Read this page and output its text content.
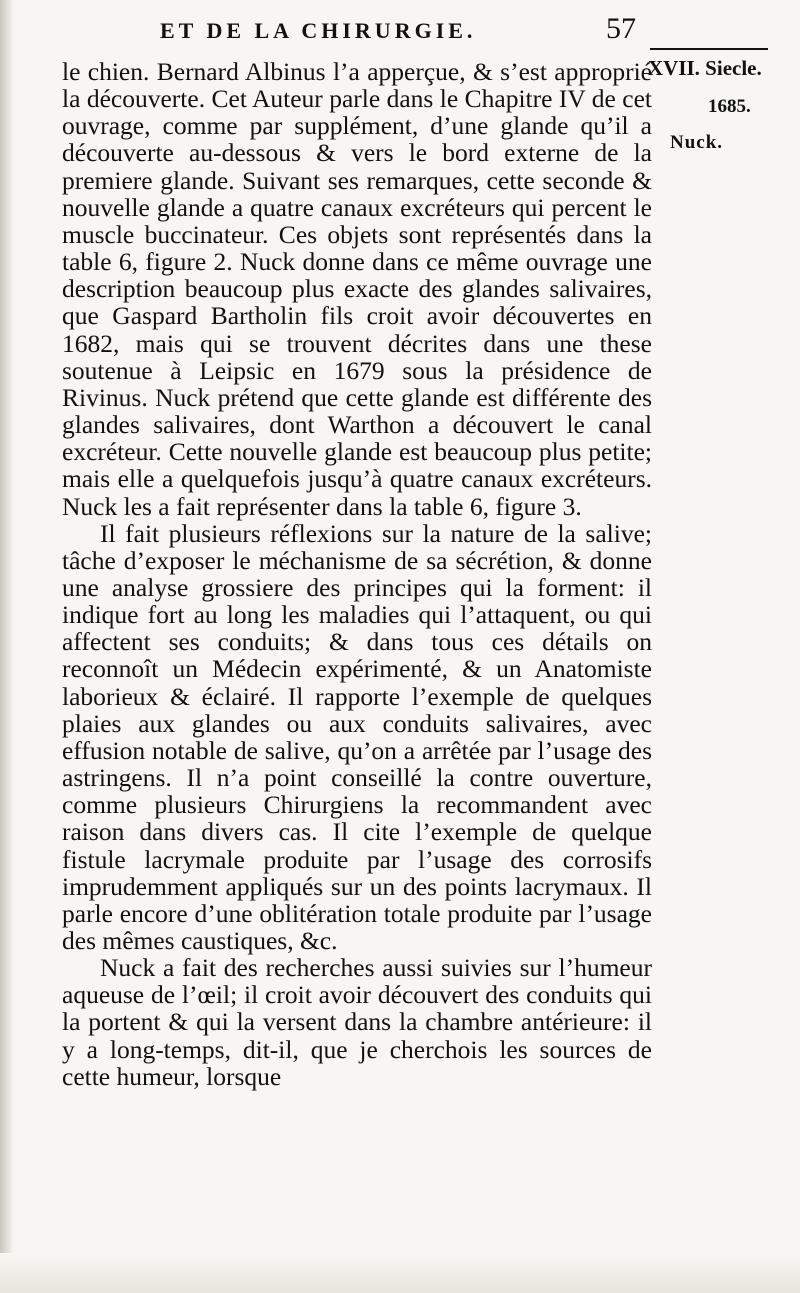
ET DE LA CHIRURGIE.	57
XVII. Siecle.
1685.
Nuck.

le chien. Bernard Albinus l’a apperçue, & s’est approprié la découverte. Cet Auteur parle dans le Chapitre IV de cet ouvrage, comme par supplément, d’une glande qu’il a découverte au-dessous & vers le bord externe de la premiere glande. Suivant ses remarques, cette seconde & nouvelle glande a quatre canaux excréteurs qui percent le muscle buccinateur. Ces objets sont représentés dans la table 6, figure 2. Nuck donne dans ce même ouvrage une description beaucoup plus exacte des glandes salivaires, que Gaspard Bartholin fils croit avoir découvertes en 1682, mais qui se trouvent décrites dans une these soutenue à Leipsic en 1679 sous la présidence de Rivinus. Nuck prétend que cette glande est différente des glandes salivaires, dont Warthon a découvert le canal excréteur. Cette nouvelle glande est beaucoup plus petite; mais elle a quelquefois jusqu’à quatre canaux excréteurs. Nuck les a fait représenter dans la table 6, figure 3.

Il fait plusieurs réflexions sur la nature de la salive; tâche d’exposer le méchanisme de sa sécrétion, & donne une analyse grossiere des principes qui la forment: il indique fort au long les maladies qui l’attaquent, ou qui affectent ses conduits; & dans tous ces détails on reconnoît un Médecin expérimenté, & un Anatomiste laborieux & éclairé. Il rapporte l’exemple de quelques plaies aux glandes ou aux conduits salivaires, avec effusion notable de salive, qu’on a arrêtée par l’usage des astringens. Il n’a point conseillé la contre ouverture, comme plusieurs Chirurgiens la recommandent avec raison dans divers cas. Il cite l’exemple de quelque fistule lacrymale produite par l’usage des corrosifs imprudemment appliqués sur un des points lacrymaux. Il parle encore d’une oblitération totale produite par l’usage des mêmes caustiques, &c.

Nuck a fait des recherches aussi suivies sur l’humeur aqueuse de l’œil; il croit avoir découvert des conduits qui la portent & qui la versent dans la chambre antérieure: il y a long-temps, dit-il, que je cherchois les sources de cette humeur, lorsque
